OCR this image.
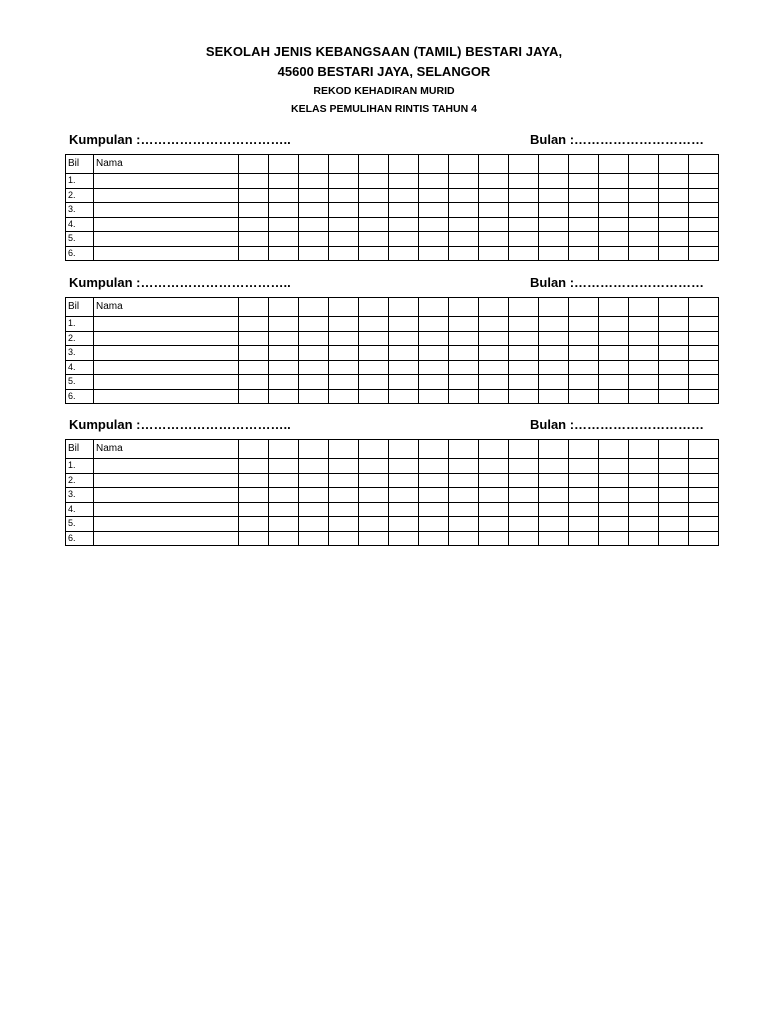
SEKOLAH JENIS KEBANGSAAN (TAMIL) BESTARI JAYA,
45600 BESTARI JAYA, SELANGOR
REKOD KEHADIRAN MURID
KELAS PEMULIHAN RINTIS TAHUN 4
Kumpulan :……………………………..	Bulan :…………………………
Bil	Nama																
1.																	
2.																	
3.																	
4.																	
5.																	
6.																	
Kumpulan :……………………………..	Bulan :…………………………
Bil	Nama																
1.																	
2.																	
3.																	
4.																	
5.																	
6.																	
Kumpulan :……………………………..	Bulan :…………………………
Bil	Nama																
1.																	
2.																	
3.																	
4.																	
5.																	
6.																	
